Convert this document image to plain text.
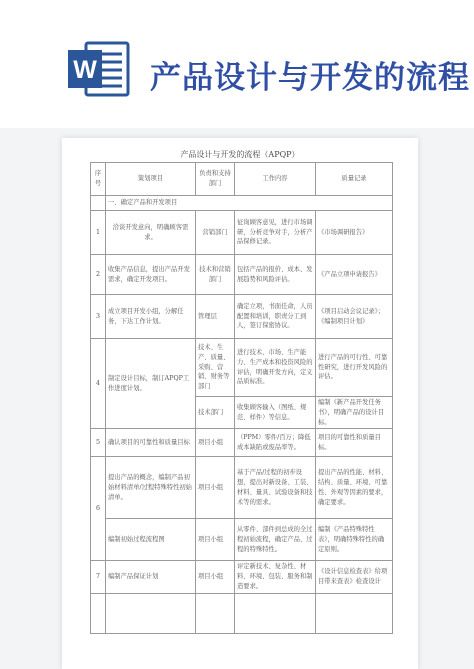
W 产品设计与开发的流程
产品设计与开发的流程（APQP）
序号	策划项目	负责和支持部门	工作内容	质量记录
	一、确定产品和开发项目			
1	洽谈开发意向，明确顾客需求。	营销部门	征询顾客意见，进行市场调研，分析竞争对手，分析产品保修记录。	《市场调研报告》
2	收集产品信息，提出产品开发需求，确定开发项目。	技术和营销部门	包括产品的报价、成本、发展趋势和风险评估。	《产品立项申请报告》
3	成立项目开发小组，分解任务，下达工作计划。	管理层	确定立项，书面任命，人员配置和培训，职责分工到人，签订保密协议。	《项目启动会议记录》；《编制项目计划》
4	制定设计目标，制订APQP工作进度计划。	技术、生产、质量、采购、营销、财务等部门	进行技术、市场、生产能力、生产成本和投资风险的评估，明确开发方向，定义品质标准。	进行产品的可行性、可靠性研究，进行开发风险的评估。
		技术部门	收集顾客输入（图纸、规范、样件）等信息。	编制《新产品开发任务书》，明确产品的设计目标。
5	确认项目的可靠性和质量目标	项目小组	（PPM）零件/百万；降低成本缺陷或废品率等。	项目的可靠性和质量目标。
6	提出产品的概念，编制产品初始材料清单/过程特殊特性初始清单。	项目小组	基于产品/过程的初步设想，提出对新设备、工装、材料、量具、试验设备和技术等的需求。	提出产品的性能、材料、结构、质量、环境、可靠性、外观等因素的要求，确定要求。
	编制初始过程流程图	项目小组	从零件、部件到总成的全过程初始流程，确定产品、过程的特殊特性。	编制《产品特殊特性表》，明确特殊特性的确定原则。
7	编制产品保证计划	项目小组	评定新技术、复杂性、材料、环境、包装、服务和制造要求。	《设计信息检查表》给项目带来查表》检查设计
